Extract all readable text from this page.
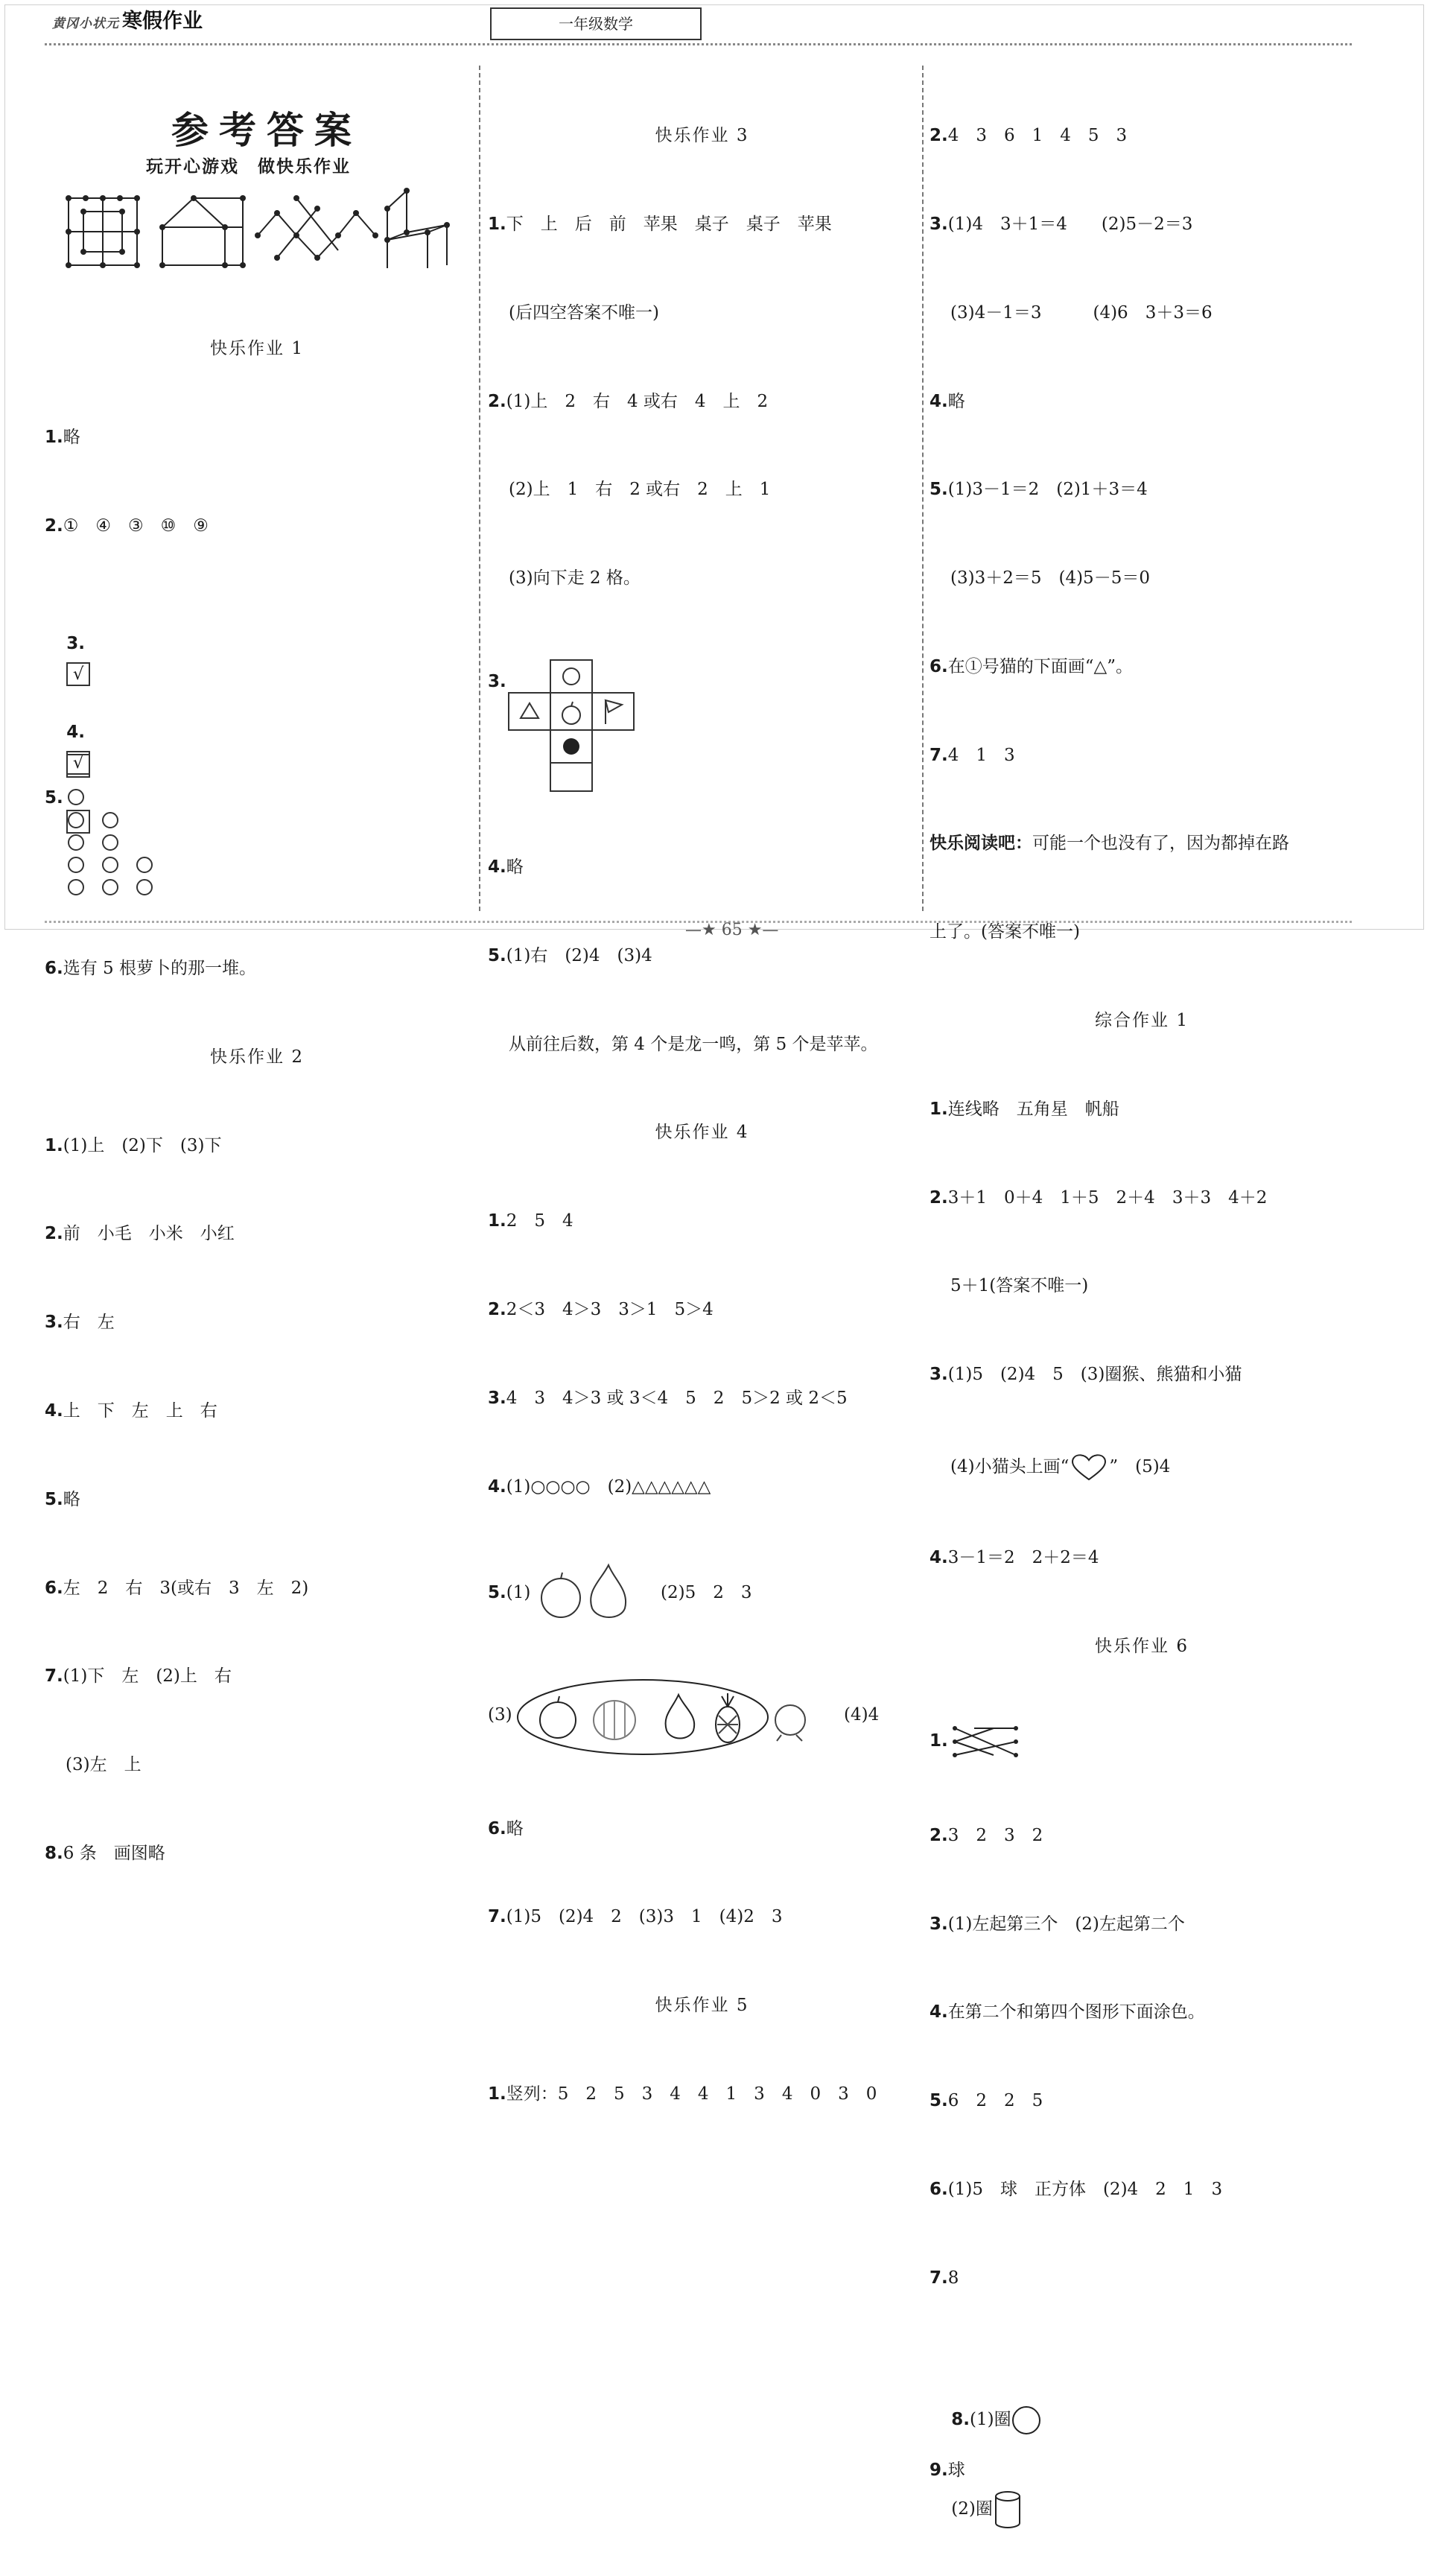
黄冈小状元 寒假作业	一年级数学
—★ 65 ★—
参考答案
玩开心游戏　做快乐作业

快乐作业 1

1.略

2.①　④　③　⑩　⑨

3.
√

4.
√

5.

6.选有 5 根萝卜的那一堆。

快乐作业 2

1.(1)上　(2)下　(3)下

2.前　小毛　小米　小红

3.右　左

4.上　下　左　上　右

5.略

6.左　2　右　3(或右　3　左　2)

7.(1)下　左　(2)上　右

(3)左　上

8.6 条　画图略

快乐作业 3

1.下　上　后　前　苹果　桌子　桌子　苹果

(后四空答案不唯一)

2.(1)上　2　右　4 或右　4　上　2

(2)上　1　右　2 或右　2　上　1

(3)向下走 2 格。

3.

4.略

5.(1)右　(2)4　(3)4

从前往后数，第 4 个是龙一鸣，第 5 个是苹苹。

快乐作业 4

1.2　5　4

2.2＜3　4＞3　3＞1　5＞4

3.4　3　4＞3 或 3＜4　5　2　5＞2 或 2＜5

4.(1)○○○○　(2)△△△△△△

5.(1)

	(2)5　2　3

(3)

	(4)4

6.略

7.(1)5　(2)4　2　(3)3　1　(4)2　3

快乐作业 5

1.竖列：5　2　5　3　4　4　1　3　4　0　3　0

2.4　3　6　1　4　5　3

3.(1)4　3＋1＝4　　(2)5－2＝3

(3)4－1＝3　　　(4)6　3＋3＝6

4.略

5.(1)3－1＝2　(2)1＋3＝4

(3)3＋2＝5　(4)5－5＝0

6.在①号猫的下面画“△”。

7.4　1　3

快乐阅读吧：可能一个也没有了，因为都掉在路

上了。(答案不唯一)

综合作业 1

1.连线略　五角星　帆船

2.3＋1　0＋4　1＋5　2＋4　3＋3　4＋2

5＋1(答案不唯一)

3.(1)5　(2)4　5　(3)圈猴、熊猫和小猫

(4)小猫头上画“ ”　(5)4

4.3－1＝2　2＋2＝4

快乐作业 6

1.

2.3　2　3　2

3.(1)左起第三个　(2)左起第二个

4.在第二个和第四个图形下面涂色。

5.6　2　2　5

6.(1)5　球　正方体　(2)4　2　1　3

7.8

8.(1)圈

(2)圈

9.球
